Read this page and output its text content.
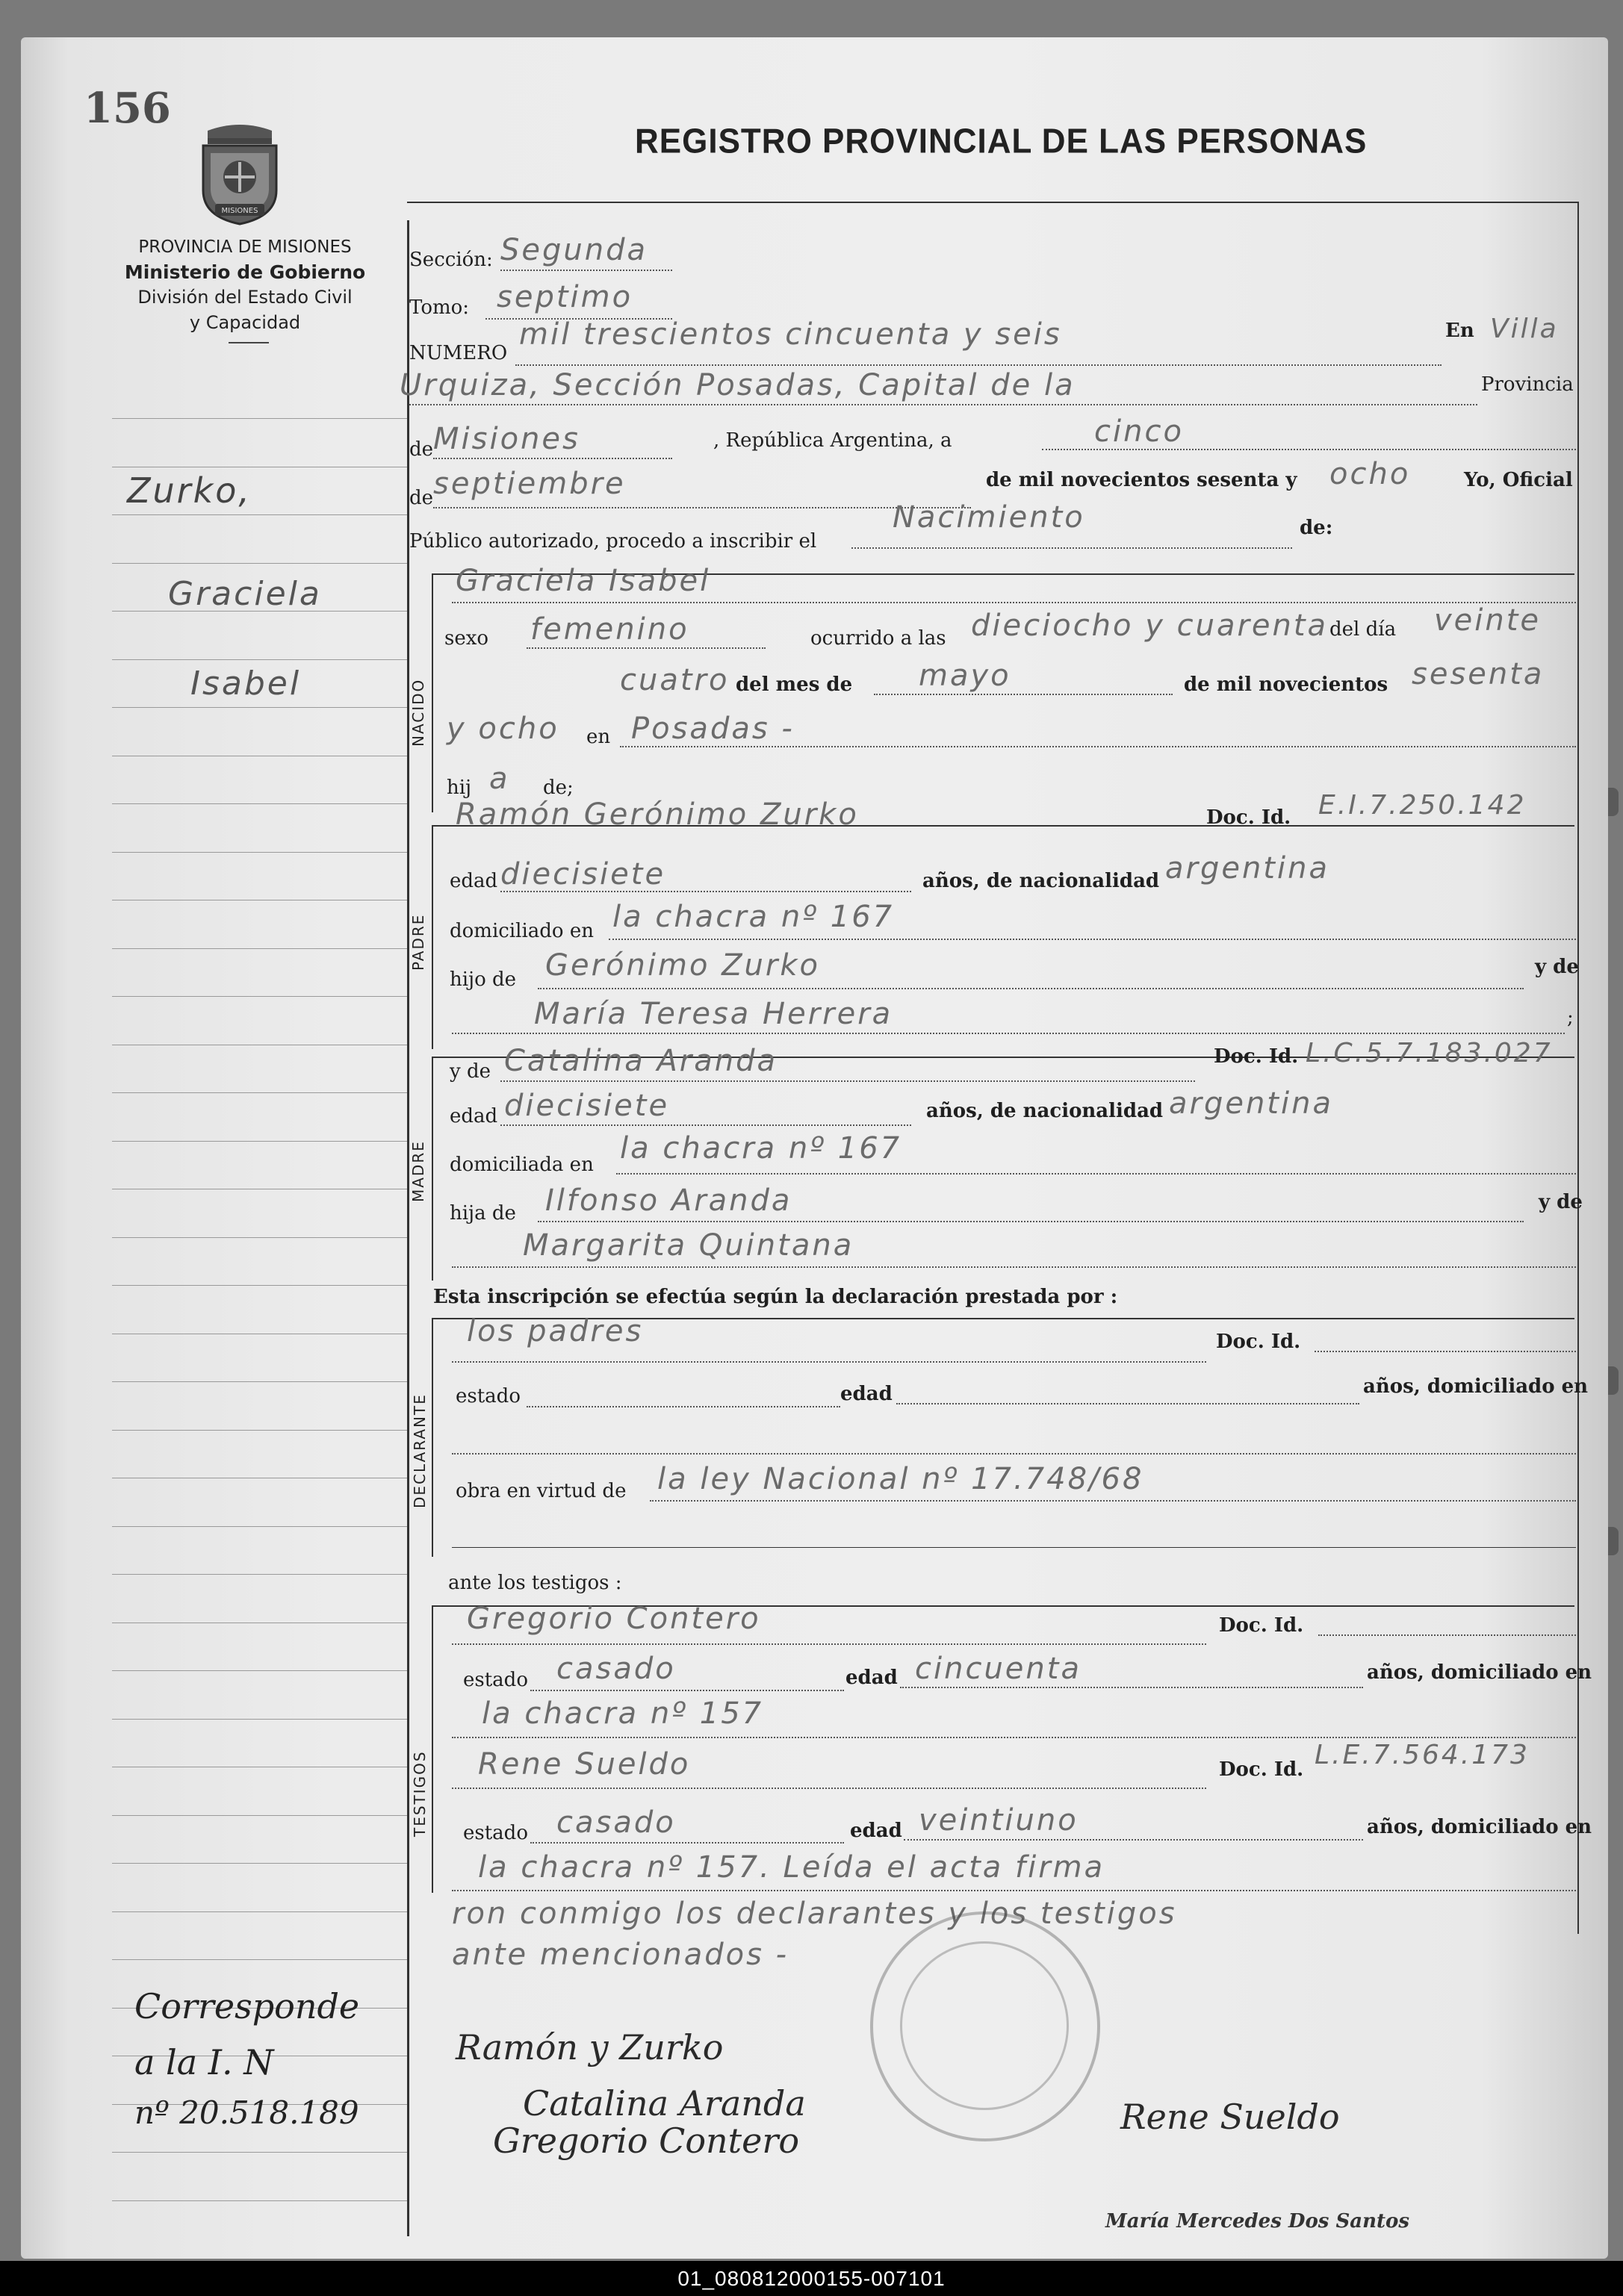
156
MISIONES
REGISTRO PROVINCIAL DE LAS PERSONAS
PROVINCIA DE MISIONES
Ministerio de Gobierno
División del Estado Civil
y Capacidad
Sección: Segunda
Tomo: septimo
NUMERO
mil trescientos cincuenta y seis	En Villa
Urquiza, Sección Posadas, Capital de la	Provincia
de Misiones	, República Argentina, a	cinco
de septiembre	de mil novecientos sesenta y ocho	Yo, Oficial
Público autorizado, procedo a inscribir el
Nacimiento	de:
NACIDO
Graciela Isabel
sexo femenino	ocurrido a las dieciocho y cuarenta del día veinte
cuatro del mes de mayo	de mil novecientos sesenta
y ocho en Posadas -
hij a de;
PADRE
Ramón Gerónimo Zurko	Doc. Id. E.I.7.250.142
edad diecisiete	años, de nacionalidad argentina
domiciliado en la chacra nº 167
hijo de Gerónimo Zurko	y de
María Teresa Herrera	;
MADRE
y de Catalina Aranda	Doc. Id. L.C.5.7.183.027
edad diecisiete	años, de nacionalidad argentina
domiciliada en la chacra nº 167
hija de Ilfonso Aranda	y de
Margarita Quintana
Esta inscripción se efectúa según la declaración prestada por :
DECLARANTE
los padres	Doc. Id.
estado	edad	años, domiciliado en
obra en virtud de la ley Nacional nº 17.748/68
ante los testigos :
TESTIGOS
Gregorio Contero	Doc. Id.
estado casado	edad cincuenta	años, domiciliado en
la chacra nº 157
Rene Sueldo	Doc. Id. L.E.7.564.173
estado casado	edad veintiuno	años, domiciliado en
la chacra nº 157. Leída el acta firma
ron conmigo los declarantes y los testigos
ante mencionados -
Zurko,
Graciela
Isabel
Corresponde
a la I. N
nº 20.518.189
Ramón y Zurko
Catalina Aranda
Gregorio Contero
Rene Sueldo
María Mercedes Dos Santos
01_080812000155-007101
